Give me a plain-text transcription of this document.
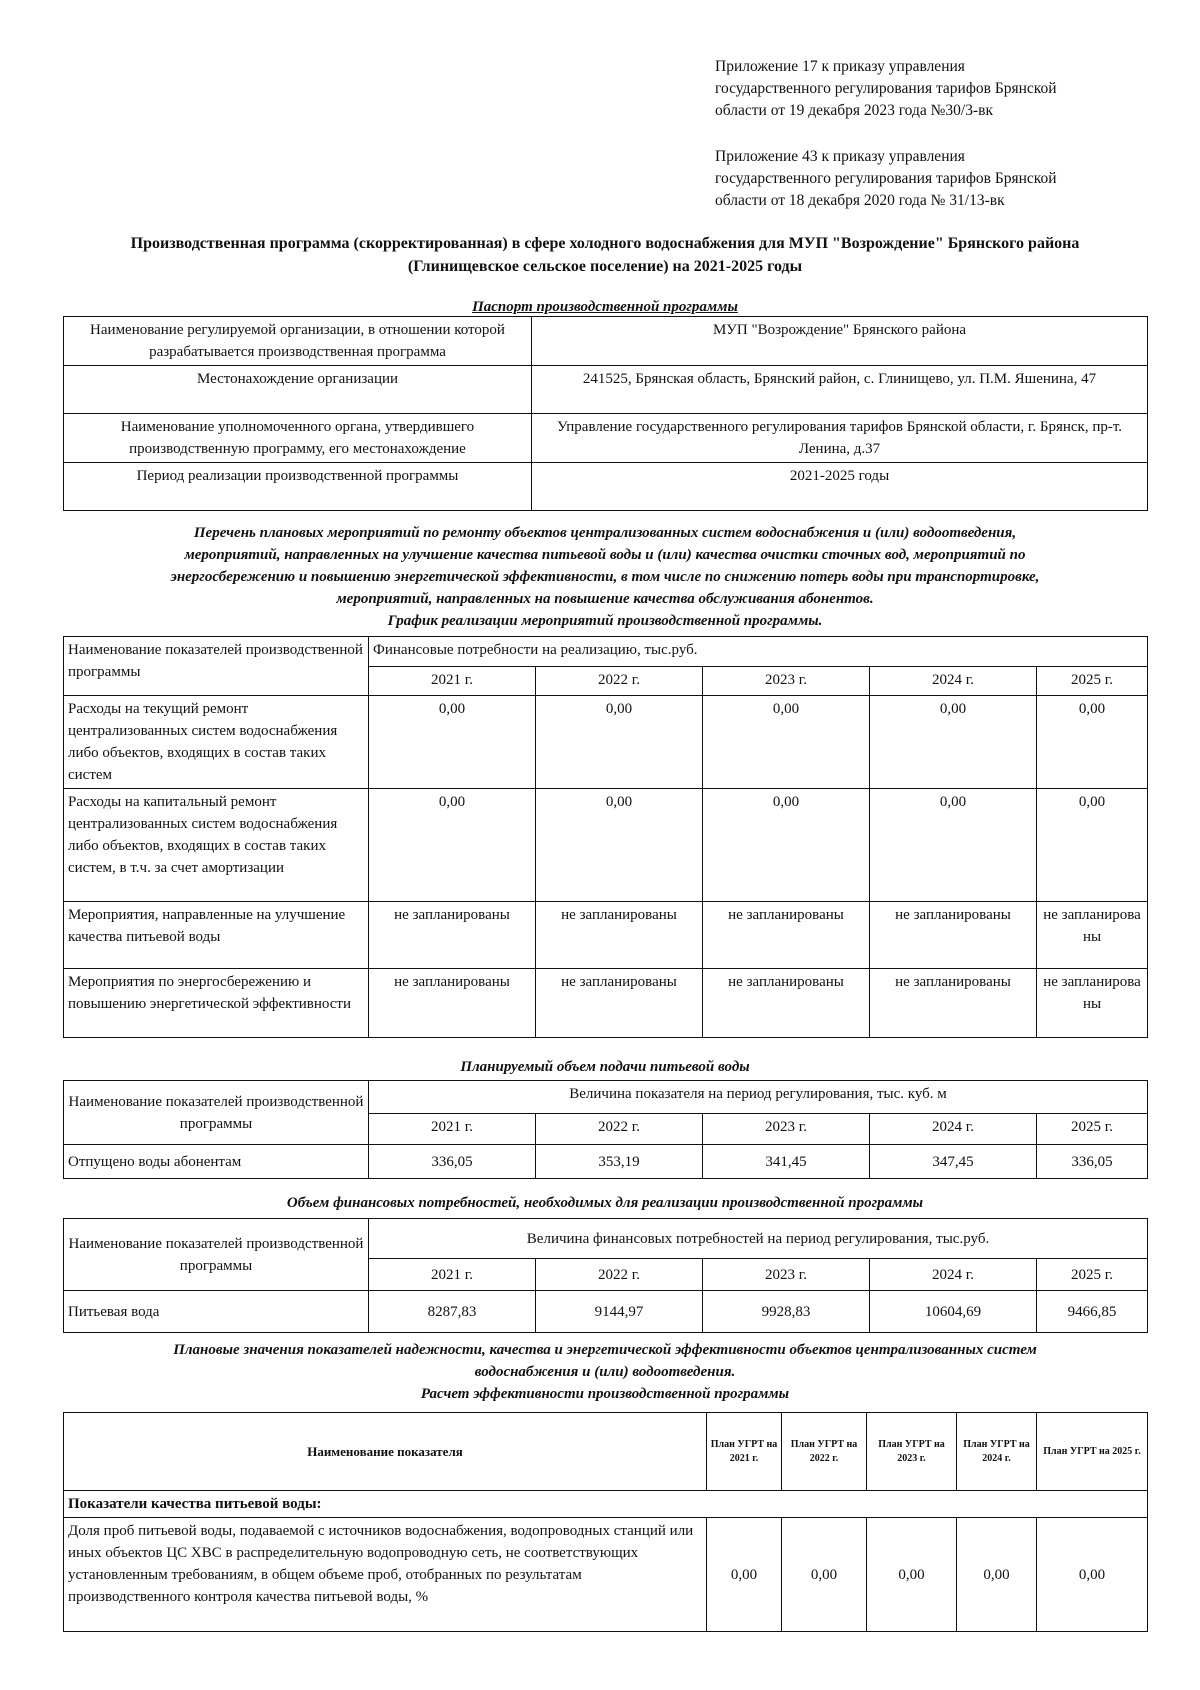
Приложение 17 к приказу управления
государственного регулирования тарифов Брянской
области от 19 декабря 2023 года №30/3-вк
Приложение 43 к приказу управления
государственного регулирования тарифов Брянской
области от 18 декабря 2020 года № 31/13-вк
Производственная программа (скорректированная) в сфере холодного водоснабжения для МУП "Возрождение" Брянского района
(Глинищевское сельское поселение) на 2021-2025 годы
Паспорт производственной программы
Наименование регулируемой организации, в отношении которой разрабатывается производственная программа	МУП "Возрождение" Брянского района
Местонахождение организации	241525, Брянская область, Брянский район, с. Глинищево, ул. П.М. Яшенина, 47
Наименование уполномоченного органа, утвердившего производственную программу, его местонахождение	Управление государственного регулирования тарифов Брянской области, г. Брянск, пр-т. Ленина, д.37
Период реализации производственной программы	2021-2025 годы
Перечень плановых мероприятий по ремонту объектов централизованных систем водоснабжения и (или) водоотведения,
мероприятий, направленных на улучшение качества питьевой воды и (или) качества очистки сточных вод, мероприятий по
энергосбережению и повышению энергетической эффективности, в том числе по снижению потерь воды при транспортировке,
мероприятий, направленных на повышение качества обслуживания абонентов.
График реализации мероприятий производственной программы.
Наименование показателей производственной программы	Финансовые потребности на реализацию, тыс.руб.				
	2021 г.	2022 г.	2023 г.	2024 г.	2025 г.
Расходы на текущий ремонт централизованных систем водоснабжения либо объектов, входящих в состав таких систем	0,00	0,00	0,00	0,00	0,00
Расходы на капитальный ремонт централизованных систем водоснабжения либо объектов, входящих в состав таких систем, в т.ч. за счет амортизации	0,00	0,00	0,00	0,00	0,00
Мероприятия, направленные на улучшение качества питьевой воды	не запланированы	не запланированы	не запланированы	не запланированы	не запланированы
Мероприятия по энергосбережению и повышению энергетической эффективности	не запланированы	не запланированы	не запланированы	не запланированы	не запланированы
Планируемый объем подачи питьевой воды
Наименование показателей производственной программы	Величина показателя на период регулирования, тыс. куб. м				
	2021 г.	2022 г.	2023 г.	2024 г.	2025 г.
Отпущено воды абонентам	336,05	353,19	341,45	347,45	336,05
Объем финансовых потребностей, необходимых для реализации производственной программы
Наименование показателей производственной программы	Величина финансовых потребностей на период регулирования, тыс.руб.				
	2021 г.	2022 г.	2023 г.	2024 г.	2025 г.
Питьевая вода	8287,83	9144,97	9928,83	10604,69	9466,85
Плановые значения показателей надежности, качества и энергетической эффективности объектов централизованных систем
водоснабжения и (или) водоотведения.
Расчет эффективности производственной программы
Наименование показателя	План УГРТ на 2021 г.	План УГРТ на 2022 г.	План УГРТ на 2023 г.	План УГРТ на 2024 г.	План УГРТ на 2025 г.
Показатели качества питьевой воды:					
Доля проб питьевой воды, подаваемой с источников водоснабжения, водопроводных станций или иных объектов ЦС ХВС в распределительную водопроводную сеть, не соответствующих установленным требованиям, в общем объеме проб, отобранных по результатам производственного контроля качества питьевой воды, %	0,00	0,00	0,00	0,00	0,00
